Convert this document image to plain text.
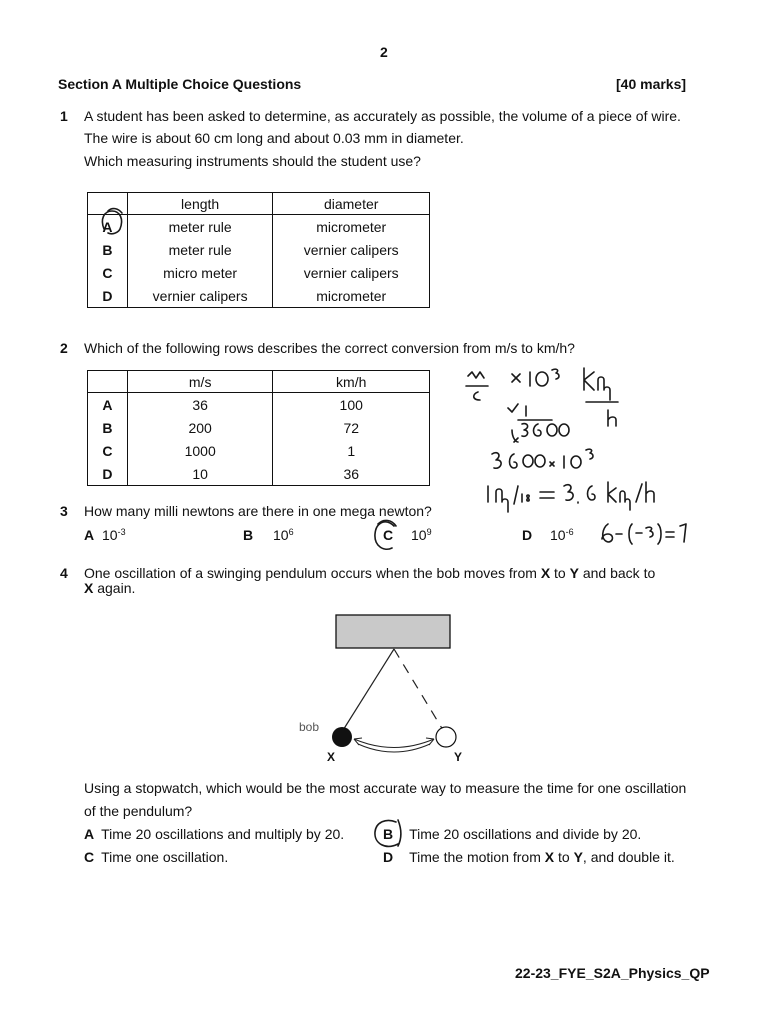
2
Section A Multiple Choice Questions	[40 marks]
1 A student has been asked to determine, as accurately as possible, the volume of a piece of wire.
The wire is about 60 cm long and about 0.03 mm in diameter.
Which measuring instruments should the student use?
	length	diameter
A	meter rule	micrometer
B	meter rule	vernier calipers
C	micro meter	vernier calipers
D	vernier calipers	micrometer
2 Which of the following rows describes the correct conversion from m/s to km/h?
	m/s	km/h
A	36	100
B	200	72
C	1000	1
D	10	36
3 How many milli newtons are there in one mega newton?
A $10^{-3}$	B $10^6$	C $10^9$	D $10^{-6}$
4 One oscillation of a swinging pendulum occurs when the bob moves from X to Y and back to
X again.
bob
X	Y
Using a stopwatch, which would be the most accurate way to measure the time for one oscillation
of the pendulum?
A Time 20 oscillations and multiply by 20.	B Time 20 oscillations and divide by 20.
C Time one oscillation.	D Time the motion from X to Y, and double it.
22-23_FYE_S2A_Physics_QP
